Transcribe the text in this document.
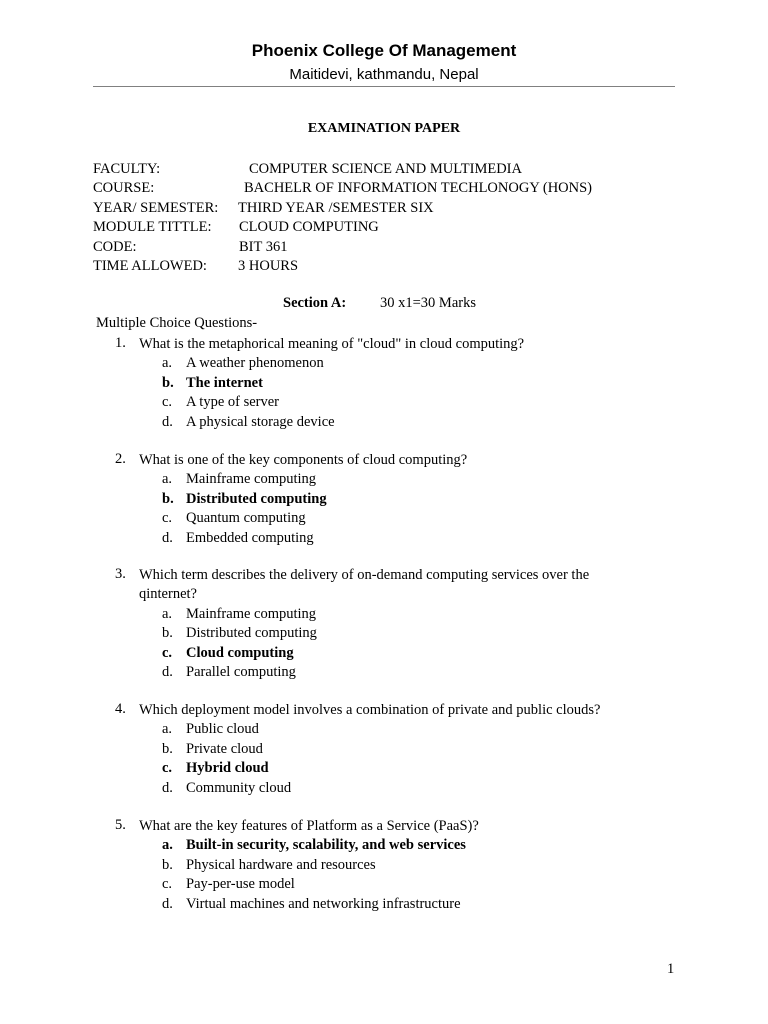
Phoenix College Of Management
Maitidevi, kathmandu, Nepal
EXAMINATION PAPER
FACULTY:	COMPUTER SCIENCE AND MULTIMEDIA
COURSE:	BACHELR OF INFORMATION TECHLONOGY (HONS)
YEAR/ SEMESTER: THIRD YEAR /SEMESTER SIX
MODULE TITTLE: CLOUD COMPUTING
CODE:	BIT 361
TIME ALLOWED: 3 HOURS
Section A: 30 x1=30 Marks
Multiple Choice Questions-
1. What is the metaphorical meaning of "cloud" in cloud computing?
a. A weather phenomenon
b. The internet
c. A type of server
d. A physical storage device
2. What is one of the key components of cloud computing?
a. Mainframe computing
b. Distributed computing
c. Quantum computing
d. Embedded computing
3. Which term describes the delivery of on-demand computing services over the
qinternet?
a. Mainframe computing
b. Distributed computing
c. Cloud computing
d. Parallel computing
4. Which deployment model involves a combination of private and public clouds?
a. Public cloud
b. Private cloud
c. Hybrid cloud
d. Community cloud
5. What are the key features of Platform as a Service (PaaS)?
a. Built-in security, scalability, and web services
b. Physical hardware and resources
c. Pay-per-use model
d. Virtual machines and networking infrastructure
1
